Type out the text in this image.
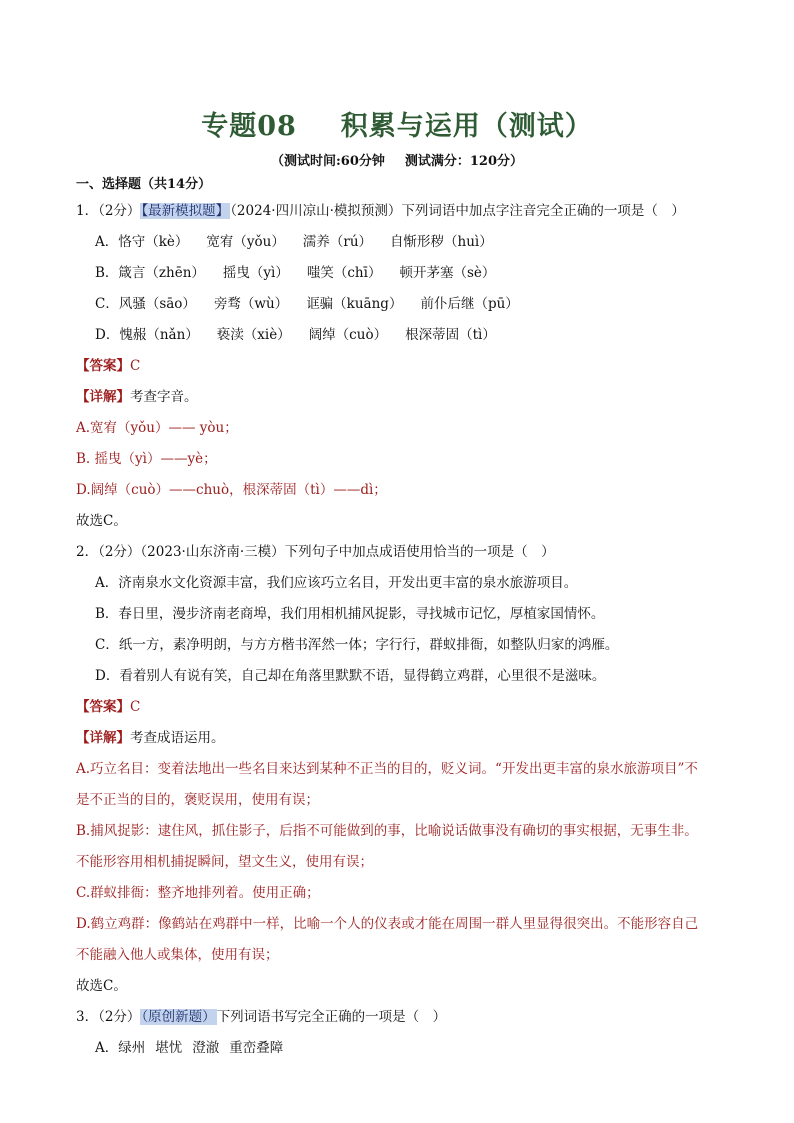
专题08 积累与运用（测试）
（测试时间:60分钟 测试满分：120分）
一、选择题（共14分）
1．（2分）【最新模拟题】（2024·四川凉山·模拟预测）下列词语中加点字注音完全正确的一项是（　）
A．恪守（kè） 宽宥（yǒu） 濡养（rú） 自惭形秽（huì）
B．箴言（zhēn） 摇曳（yì） 嗤笑（chī） 顿开茅塞（sè）
C．风骚（sāo） 旁骛（wù） 诓骗（kuāng） 前仆后继（pū）
D．愧赧（nǎn） 亵渎（xiè） 阔绰（cuò） 根深蒂固（tì）
【答案】C
【详解】考查字音。
A.宽宥（yǒu）—— yòu；
B. 摇曳（yì）——yè；
D.阔绰（cuò）——chuò，根深蒂固（tì）——dì；
故选C。
2．（2分）（2023·山东济南·三模）下列句子中加点成语使用恰当的一项是（　）
A．济南泉水文化资源丰富，我们应该巧立名目，开发出更丰富的泉水旅游项目。
B．春日里，漫步济南老商埠，我们用相机捕风捉影，寻找城市记忆，厚植家国情怀。
C．纸一方，素净明朗，与方方楷书浑然一体；字行行，群蚁排衙，如整队归家的鸿雁。
D．看着别人有说有笑，自己却在角落里默默不语，显得鹤立鸡群，心里很不是滋味。
【答案】C
【详解】考查成语运用。
A.巧立名目：变着法地出一些名目来达到某种不正当的目的，贬义词。“开发出更丰富的泉水旅游项目”不
是不正当的目的，褒贬误用，使用有误；
B.捕风捉影：逮住风，抓住影子，后指不可能做到的事，比喻说话做事没有确切的事实根据，无事生非。
不能形容用相机捕捉瞬间，望文生义，使用有误；
C.群蚁排衙：整齐地排列着。使用正确；
D.鹤立鸡群：像鹤站在鸡群中一样，比喻一个人的仪表或才能在周围一群人里显得很突出。不能形容自己
不能融入他人或集体，使用有误；
故选C。
3．（2分）（原创新题）下列词语书写完全正确的一项是（　）
A．绿州 堪忧 澄澈 重峦叠障
